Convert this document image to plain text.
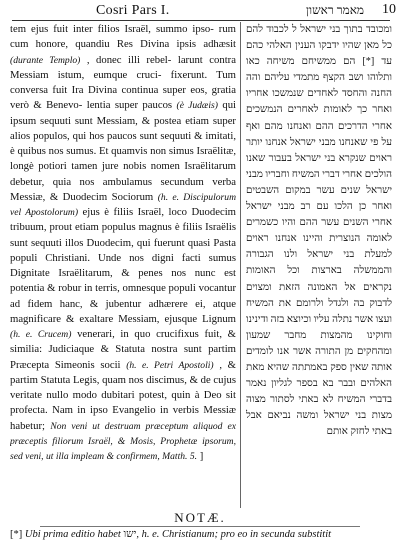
Cosri Pars I.	מאמר ראשון 10
tem ejus fuit inter filios Israël, summo ipso- rum cum honore, quandiu Res Divina ipsis adhæsit (durante Templo) , donec illi rebel- larunt contra Messiam istum, eumque cruci- fixerunt. Tum conversa fuit Ira Divina continua super eos, gratia verò & Benevo- lentia super paucos (è Judæis) qui ipsum sequuti sunt Messiam, & postea etiam super alios populos, qui hos paucos sunt sequuti & imitati, è quibus nos sumus. Et quamvis non simus Israëlitæ, longè potiori tamen jure nobis nomen Israëlitarum debetur, quia nos ambulamus secundum verba Messiæ, & Duodecim Sociorum (h. e. Discipulorum vel Apostolorum) ejus è filiis Israël, loco Duodecim tribuum, prout etiam populus magnus è filiis Israëlis sunt sequuti illos Duodecim, qui fuerunt quasi Pasta populi Christiani. Unde nos digni facti sumus Dignitate Israëlitarum, & penes nos nunc est potentia & robur in terris, omnesque populi vocantur ad fidem hanc, & jubentur adhærere ei, atque magnificare & exaltare Messiam, ejusque Lignum (h. e. Crucem) venerari, in quo crucifixus fuit, & similia: Judiciaque & Statuta nostra sunt partim Præcepta Simeonis socii (h. e. Petri Apostoli) , & partim Statuta Legis, quam nos discimus, & de cujus veritate nullo modo dubitari potest, quin à Deo sit profecta. Nam in ipso Evangelio in verbis Messiæ habetur; Non veni ut destruam præceptum aliquod ex præceptis filiorum Israël, & Mosis, Prophetæ ipsorum, sed veni, ut illa impleam & confirmem, Matth. 5. ]
ומכובד בתוך בני ישראל ל לכבוד להם כל מאן שהיו ידבקו הענין האלהי כהם עד [*] הם ממשיחם משיחה כאו ותלוהו ושב הקצף מתמדי עליהם והה החנה והחסד לאחדים שנמשכו אחריו ואחר כך לאומות לאחרים הנמשכים אחרי הדרכים ההם ואנחנו מהם ואף על פי שאנחנו מבני ישראל אנחנו יותר ראוים שנקרא בני ישראל בעבור שאנו הולכים אחרי דברי המשיח וחבריו מבני ישראל שנים עשר במקום השבטים ואחר כן הלכו עם רב מבני ישראל אחרי השנים עשר ההם והיו כשמרים לאומה הנוצרית והיינו אנחנו ראוים למעלת בני ישראל ולנו הגבורה והממשלה בארצות וכל האומות נקראים אל האמונה הזאת ומצוים לדבוק בה ולגדל ולרומם את המשיח ועצו אשר נתלה עליו וכיוצא בזה ודינינו וחוקינו מהמצות מחבר שמעון ומהחקים מן התורה אשר אנו לומדים אותה שאין ספק באמתתה שהיא מאת האלהים ובבר בא בספר לגליון נאמר בדברי המשיח לא באתי לסתור מצוה מצות בני ישראל ומשה נביאם אבל באתי לחזק אותם
NOTÆ.
[*] Ubi prima editio habet ישו, h. e. Christianum; pro eo in secunda substitit
